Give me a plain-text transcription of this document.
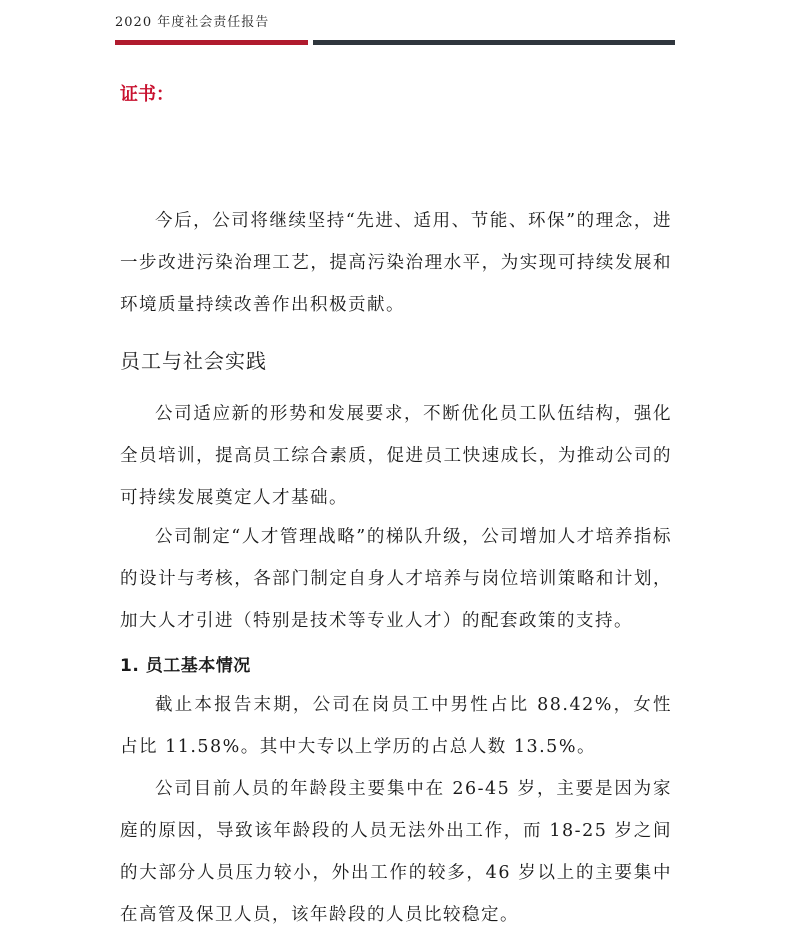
2020 年度社会责任报告
证书：

今后，公司将继续坚持“先进、适用、节能、环保”的理念，进一步改进污染治理工艺，提高污染治理水平，为实现可持续发展和环境质量持续改善作出积极贡献。

员工与社会实践

公司适应新的形势和发展要求，不断优化员工队伍结构，强化全员培训，提高员工综合素质，促进员工快速成长，为推动公司的可持续发展奠定人才基础。

公司制定“人才管理战略”的梯队升级，公司增加人才培养指标的设计与考核，各部门制定自身人才培养与岗位培训策略和计划，加大人才引进（特别是技术等专业人才）的配套政策的支持。

1. 员工基本情况

截止本报告末期，公司在岗员工中男性占比 88.42%，女性占比 11.58%。其中大专以上学历的占总人数 13.5%。

公司目前人员的年龄段主要集中在 26-45 岁，主要是因为家庭的原因，导致该年龄段的人员无法外出工作，而 18-25 岁之间的大部分人员压力较小，外出工作的较多，46 岁以上的主要集中在高管及保卫人员，该年龄段的人员比较稳定。
